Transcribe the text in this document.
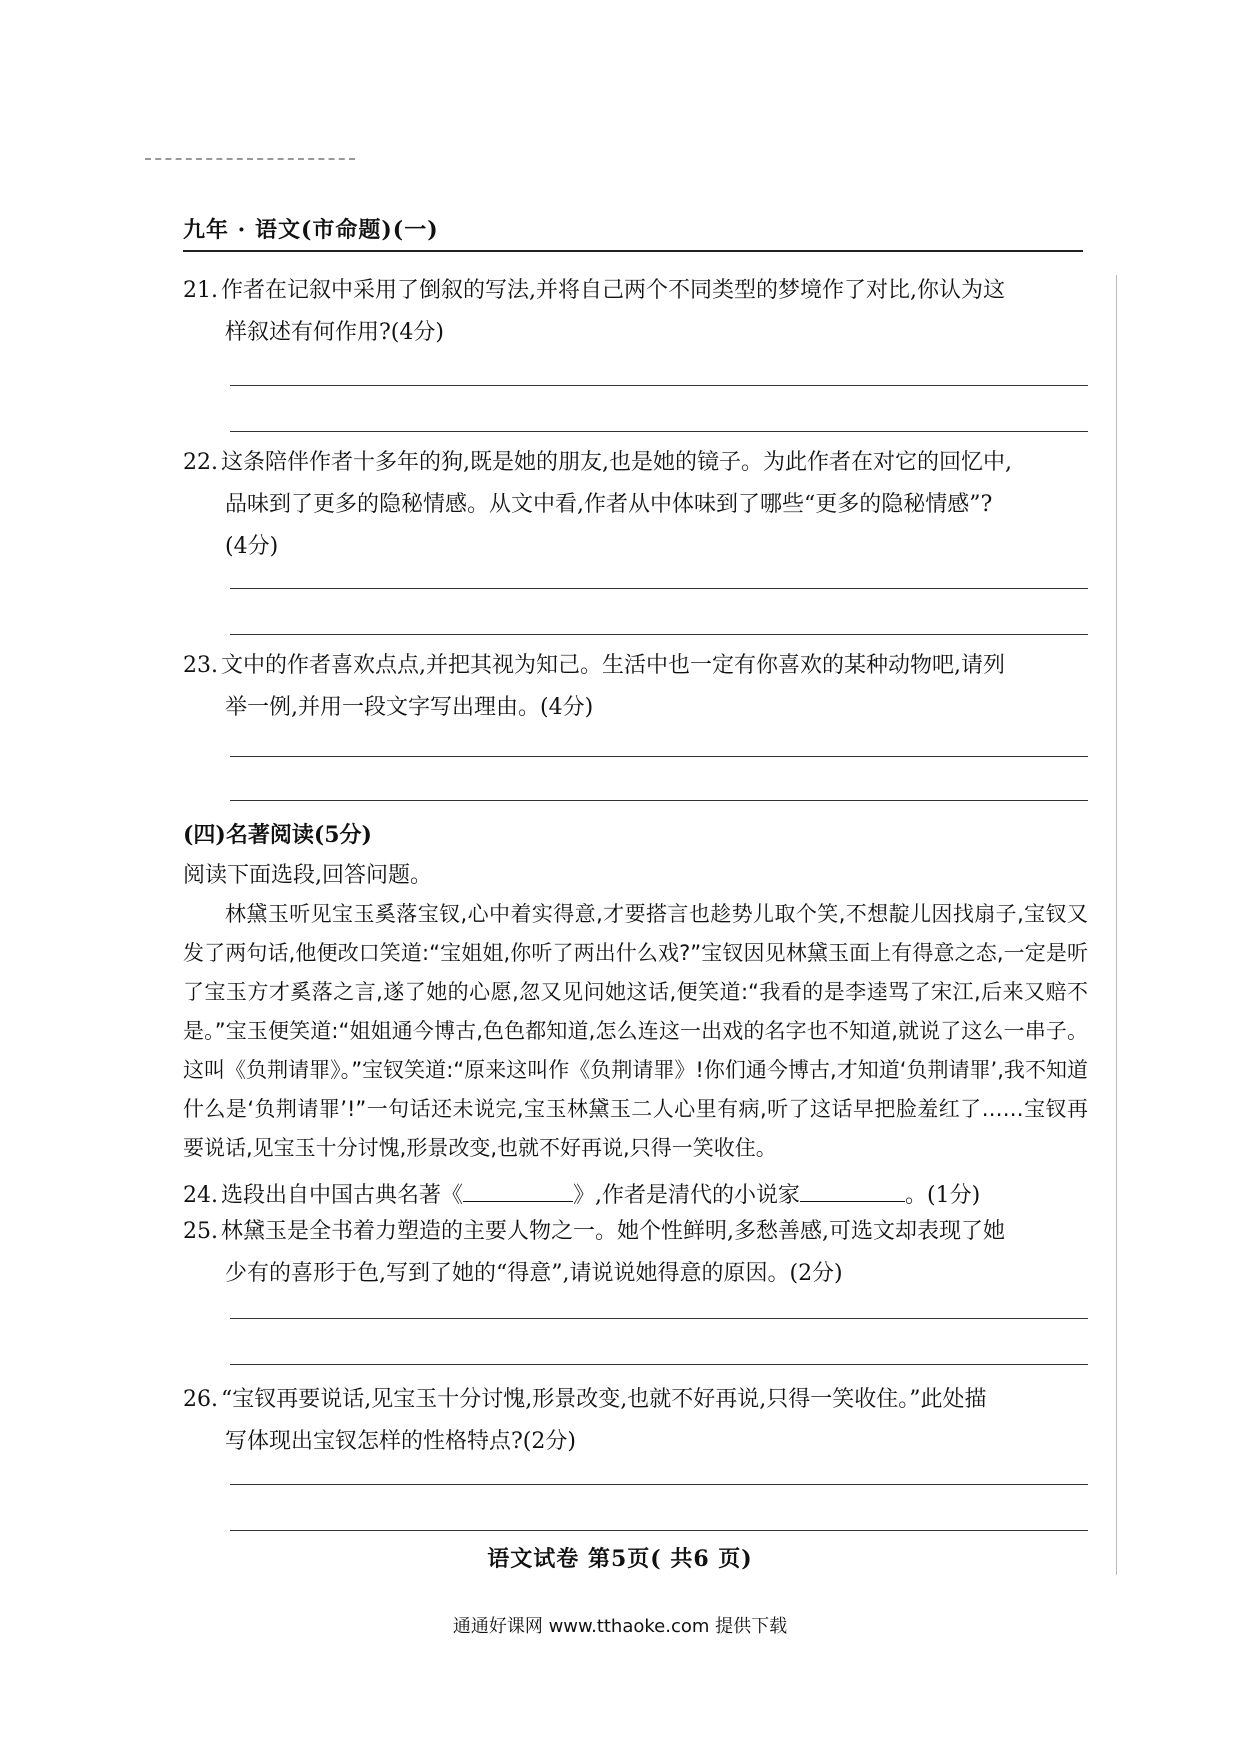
九年 · 语文(市命题)(一)
21. 作者在记叙中采用了倒叙的写法,并将自己两个不同类型的梦境作了对比,你认为这
样叙述有何作用?(4分)
22. 这条陪伴作者十多年的狗,既是她的朋友,也是她的镜子。为此作者在对它的回忆中,
品味到了更多的隐秘情感。从文中看,作者从中体味到了哪些“更多的隐秘情感”?
(4分)
23. 文中的作者喜欢点点,并把其视为知己。生活中也一定有你喜欢的某种动物吧,请列
举一例,并用一段文字写出理由。(4分)
(四)名著阅读(5分)
阅读下面选段,回答问题。
林黛玉听见宝玉奚落宝钗,心中着实得意,才要搭言也趁势儿取个笑,不想靛儿因找扇子,宝钗又发了两句话,他便改口笑道:“宝姐姐,你听了两出什么戏?”宝钗因见林黛玉面上有得意之态,一定是听了宝玉方才奚落之言,遂了她的心愿,忽又见问她这话,便笑道:“我看的是李逵骂了宋江,后来又赔不是。”宝玉便笑道:“姐姐通今博古,色色都知道,怎么连这一出戏的名字也不知道,就说了这么一串子。这叫《负荆请罪》。”宝钗笑道:“原来这叫作《负荆请罪》!你们通今博古,才知道‘负荆请罪’,我不知道什么是‘负荆请罪’!”一句话还未说完,宝玉林黛玉二人心里有病,听了这话早把脸羞红了……宝钗再要说话,见宝玉十分讨愧,形景改变,也就不好再说,只得一笑收住。
24. 选段出自中国古典名著《	》,作者是清代的小说家	。(1分)
25. 林黛玉是全书着力塑造的主要人物之一。她个性鲜明,多愁善感,可选文却表现了她
少有的喜形于色,写到了她的“得意”,请说说她得意的原因。(2分)
26. “宝钗再要说话,见宝玉十分讨愧,形景改变,也就不好再说,只得一笑收住。”此处描
写体现出宝钗怎样的性格特点?(2分)
语文试卷 第5页( 共6 页)
通通好课网 www.tthaoke.com 提供下载
